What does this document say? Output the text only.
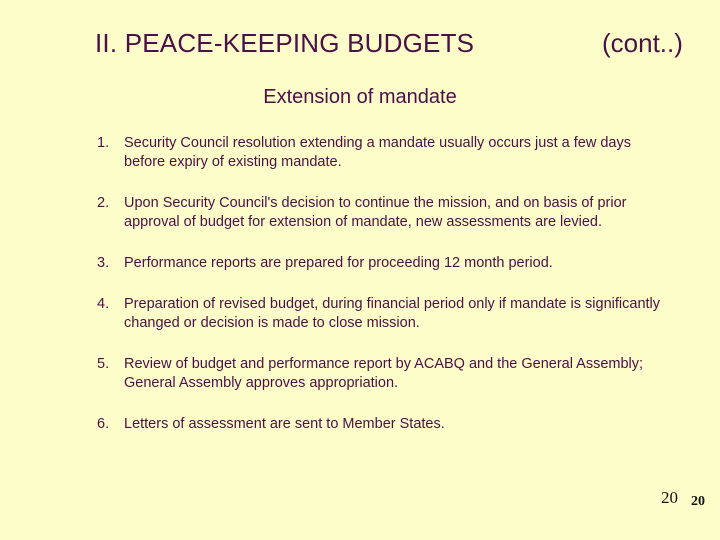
II. PEACE-KEEPING BUDGETS	(cont..)
Extension of mandate
1. Security Council resolution extending a mandate usually occurs just a few days before expiry of existing mandate.
2. Upon Security Council's decision to continue the mission, and on basis of prior approval of budget for extension of mandate, new assessments are levied.
3. Performance reports are prepared for proceeding 12 month period.
4. Preparation of revised budget, during financial period only if mandate is significantly changed or decision is made to close mission.
5. Review of budget and performance report by ACABQ and the General Assembly; General Assembly approves appropriation.
6. Letters of assessment are sent to Member States.
20 20
